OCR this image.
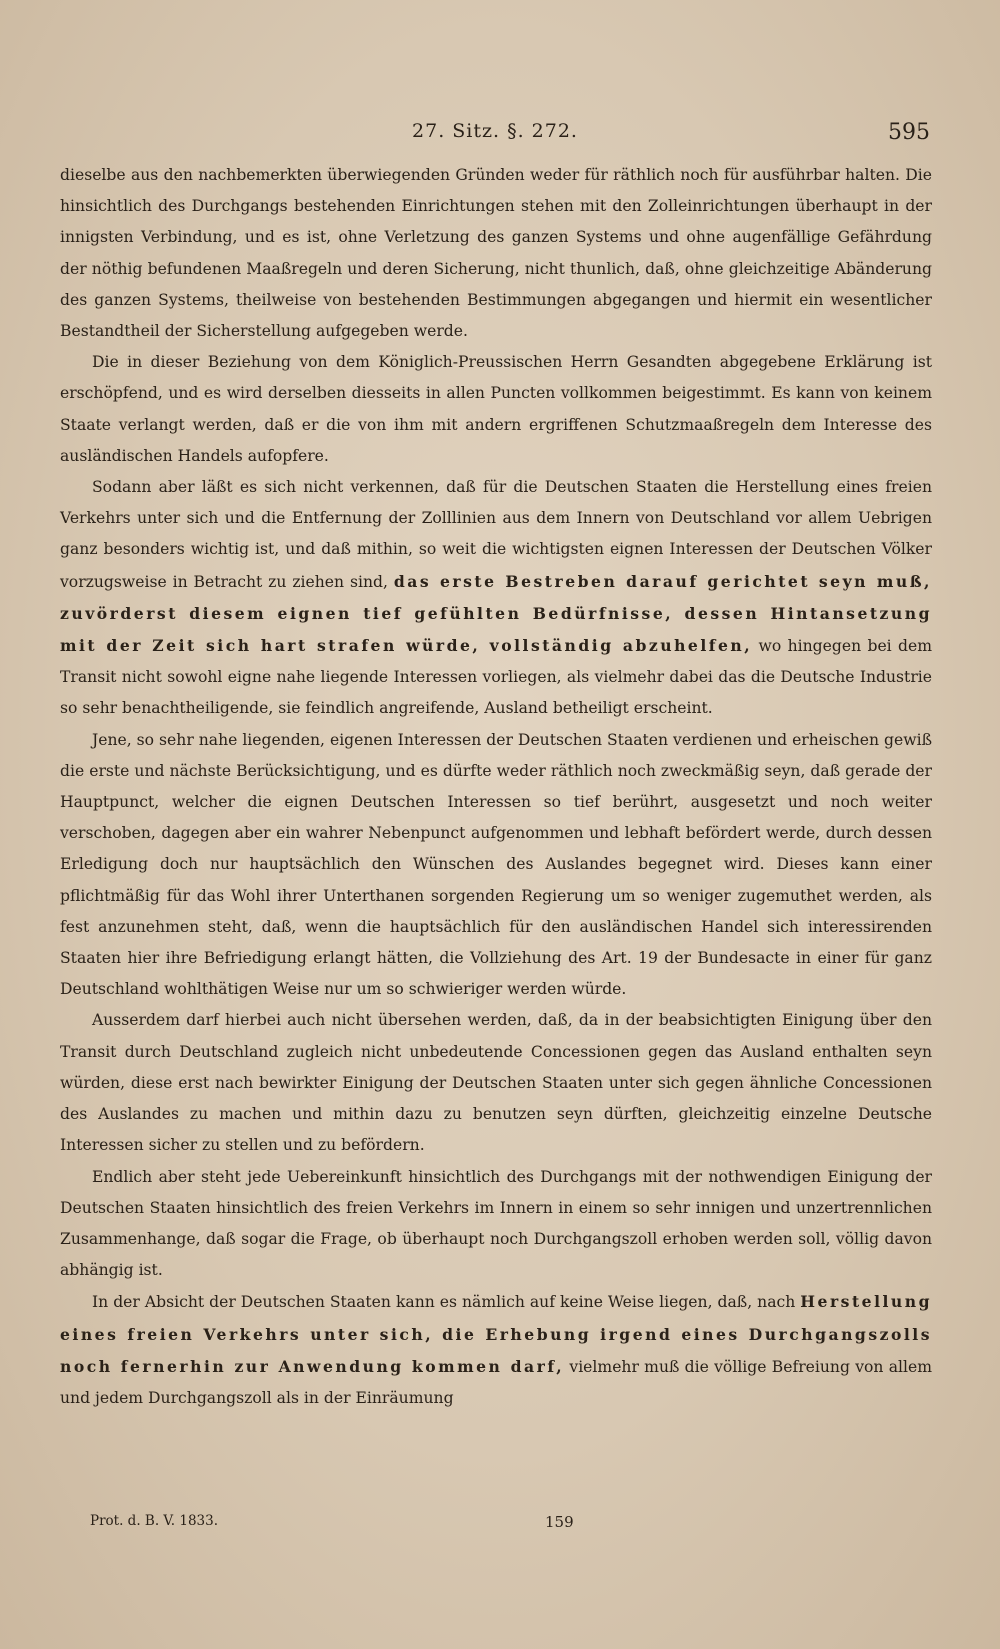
27. Sitz. §. 272.	595

dieselbe aus den nachbemerkten überwiegenden Gründen weder für räthlich noch für ausführbar halten. Die hinsichtlich des Durchgangs bestehenden Einrichtungen stehen mit den Zolleinrichtungen überhaupt in der innigsten Verbindung, und es ist, ohne Verletzung des ganzen Systems und ohne augenfällige Gefährdung der nöthig befundenen Maaßregeln und deren Sicherung, nicht thunlich, daß, ohne gleichzeitige Abänderung des ganzen Systems, theilweise von bestehenden Bestimmungen abgegangen und hiermit ein wesentlicher Bestandtheil der Sicherstellung aufgegeben werde.

Die in dieser Beziehung von dem Königlich-Preussischen Herrn Gesandten abgegebene Erklärung ist erschöpfend, und es wird derselben diesseits in allen Puncten vollkommen beigestimmt. Es kann von keinem Staate verlangt werden, daß er die von ihm mit andern ergriffenen Schutzmaaßregeln dem Interesse des ausländischen Handels aufopfere.

Sodann aber läßt es sich nicht verkennen, daß für die Deutschen Staaten die Herstellung eines freien Verkehrs unter sich und die Entfernung der Zolllinien aus dem Innern von Deutschland vor allem Uebrigen ganz besonders wichtig ist, und daß mithin, so weit die wichtigsten eignen Interessen der Deutschen Völker vorzugsweise in Betracht zu ziehen sind, das erste Bestreben darauf gerichtet seyn muß, zuvörderst diesem eignen tief gefühlten Bedürfnisse, dessen Hintansetzung mit der Zeit sich hart strafen würde, vollständig abzuhelfen, wo hingegen bei dem Transit nicht sowohl eigne nahe liegende Interessen vorliegen, als vielmehr dabei das die Deutsche Industrie so sehr benachtheiligende, sie feindlich angreifende, Ausland betheiligt erscheint.

Jene, so sehr nahe liegenden, eigenen Interessen der Deutschen Staaten verdienen und erheischen gewiß die erste und nächste Berücksichtigung, und es dürfte weder räthlich noch zweckmäßig seyn, daß gerade der Hauptpunct, welcher die eignen Deutschen Interessen so tief berührt, ausgesetzt und noch weiter verschoben, dagegen aber ein wahrer Nebenpunct aufgenommen und lebhaft befördert werde, durch dessen Erledigung doch nur hauptsächlich den Wünschen des Auslandes begegnet wird. Dieses kann einer pflichtmäßig für das Wohl ihrer Unterthanen sorgenden Regierung um so weniger zugemuthet werden, als fest anzunehmen steht, daß, wenn die hauptsächlich für den ausländischen Handel sich interessirenden Staaten hier ihre Befriedigung erlangt hätten, die Vollziehung des Art. 19 der Bundesacte in einer für ganz Deutschland wohlthätigen Weise nur um so schwieriger werden würde.

Ausserdem darf hierbei auch nicht übersehen werden, daß, da in der beabsichtigten Einigung über den Transit durch Deutschland zugleich nicht unbedeutende Concessionen gegen das Ausland enthalten seyn würden, diese erst nach bewirkter Einigung der Deutschen Staaten unter sich gegen ähnliche Concessionen des Auslandes zu machen und mithin dazu zu benutzen seyn dürften, gleichzeitig einzelne Deutsche Interessen sicher zu stellen und zu befördern.

Endlich aber steht jede Uebereinkunft hinsichtlich des Durchgangs mit der nothwendigen Einigung der Deutschen Staaten hinsichtlich des freien Verkehrs im Innern in einem so sehr innigen und unzertrennlichen Zusammenhange, daß sogar die Frage, ob überhaupt noch Durchgangszoll erhoben werden soll, völlig davon abhängig ist.

In der Absicht der Deutschen Staaten kann es nämlich auf keine Weise liegen, daß, nach Herstellung eines freien Verkehrs unter sich, die Erhebung irgend eines Durchgangszolls noch fernerhin zur Anwendung kommen darf, vielmehr muß die völlige Befreiung von allem und jedem Durchgangszoll als in der Einräumung

Prot. d. B. V. 1833.	159
